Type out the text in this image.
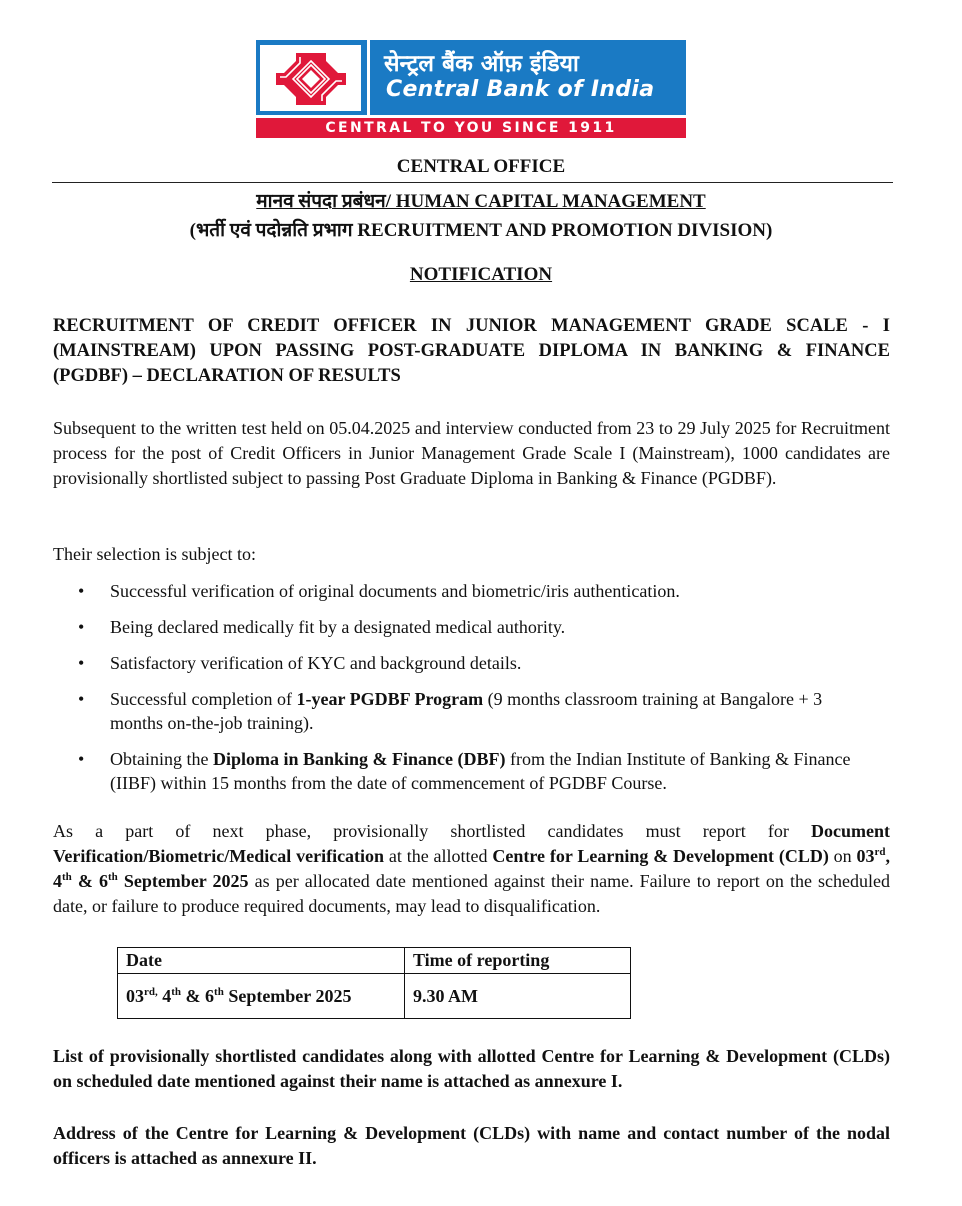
सेन्ट्रल बैंक ऑफ़ इंडिया
Central Bank of India
CENTRAL TO YOU SINCE 1911
CENTRAL OFFICE
मानव संपदा प्रबंधन/ HUMAN CAPITAL MANAGEMENT
(भर्ती एवं पदोन्नति प्रभाग RECRUITMENT AND PROMOTION DIVISION)
NOTIFICATION
RECRUITMENT OF CREDIT OFFICER IN JUNIOR MANAGEMENT GRADE SCALE - I (MAINSTREAM) UPON PASSING POST-GRADUATE DIPLOMA IN BANKING & FINANCE (PGDBF) – DECLARATION OF RESULTS
Subsequent to the written test held on 05.04.2025 and interview conducted from 23 to 29 July 2025 for Recruitment process for the post of Credit Officers in Junior Management Grade Scale I (Mainstream), 1000 candidates are provisionally shortlisted subject to passing Post Graduate Diploma in Banking & Finance (PGDBF).
Their selection is subject to:
• Successful verification of original documents and biometric/iris authentication.
• Being declared medically fit by a designated medical authority.
• Satisfactory verification of KYC and background details.
• Successful completion of 1-year PGDBF Program (9 months classroom training at Bangalore + 3 months on-the-job training).
• Obtaining the Diploma in Banking & Finance (DBF) from the Indian Institute of Banking & Finance (IIBF) within 15 months from the date of commencement of PGDBF Course.
As a part of next phase, provisionally shortlisted candidates must report for Document Verification/Biometric/Medical verification at the allotted Centre for Learning & Development (CLD) on 03rd, 4th & 6th September 2025 as per allocated date mentioned against their name. Failure to report on the scheduled date, or failure to produce required documents, may lead to disqualification.
Date	Time of reporting
$03^{rd,}$ 4th & 6th September 2025	9.30 AM
List of provisionally shortlisted candidates along with allotted Centre for Learning & Development (CLDs) on scheduled date mentioned against their name is attached as annexure I.
Address of the Centre for Learning & Development (CLDs) with name and contact number of the nodal officers is attached as annexure II.
